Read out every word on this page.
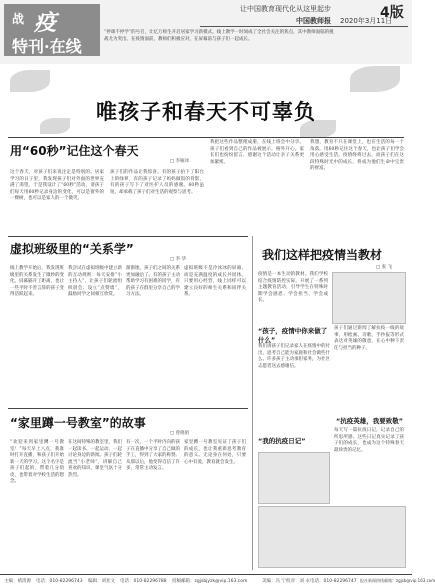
战 疫
特刊·在线
让中国教育现代化从这里起步
中国教师报 2020年3月11日
4版
“停课不停学”的号召，让亿万师生开启居家学习新模式。线上教学一时间成了全社会关注的焦点，其中教师面临的挑战尤为突出。在疫情面前，教师们积极应对，在屏幕前与孩子们一起成长。
唯孩子和春天不可辜负
用“60秒”记住这个春天
□ 李雁冰
这个春天，对孩子们来说注定是特别的。居家学习的日子里，我发现孩子们对外面的世界充满了渴望。于是我设计了“60秒”活动，请孩子们每天用60秒记录身边的变化，可以是窗外的一棵树，也可以是家人的一个微笑。
孩子们的作品让我惊喜。有的孩子拍下了阳台上的绿萝，有的孩子记录了妈妈做饭的背影，有的孩子写下了对医护人员的感谢。60秒虽短，却承载了孩子们对生活的观察与思考。
我把这些作品整理成册，在线上班会中分享。孩子们看到自己的作品被展示，格外开心。家长们也纷纷留言，感谢这个活动让亲子关系更加紧密。
我想，教育不只在课堂上，也在生活的每一个角落。用60秒记住这个春天，也让孩子们学会用心感受生活。疫情终将过去，而孩子们在这段特殊时光中的成长，将成为他们生命中宝贵的财富。
虚拟班级里的“关系学”
□ 李 华
线上教学开始后，我发现班级里的关系发生了微妙的变化。屏幕隔开了距离，也让一些平时不善言辞的孩子变得活跃起来。
我尝试在虚拟班级中建立新的互动规则：每天安排“小主持人”，让孩子们轮流组织晨会；设立“点赞墙”，鼓励同学之间相互欣赏。
渐渐地，孩子们之间的关系更加融洽了。有的孩子主动帮助学习有困难的同学，有的孩子在群里分享自己的学习方法。
虚拟班级不是冷冰冰的屏幕，而是充满温度的成长共同体。只要用心经营，线上同样可以建立良好的师生关系和同伴关系。
我们这样把疫情当教材
□ 张 飞
疫情是一本生动的教材。我们学校结合疫情防控实际，开展了一系列主题教育活动，引导学生在特殊时期学会感恩、学会担当、学会成长。
“孩子，疫情中你来做了什么”
我们请孩子们记录家人在疫情中的付出，思考自己能为家庭和社会做些什么。许多孩子主动承担家务，为社区志愿者送去感谢信。
孩子们通过新闻了解抗疫一线的故事，用绘画、诗歌、手抄报等形式表达对英雄的敬意，在心中种下责任与担当的种子。
“抗疫英雄，我要致敬”
每天写一篇抗疫日记，记录自己的所思所感。这些日记真实记录了孩子们的成长，也成为这个特殊春天最珍贵的记忆。
“我的抗疫日记”
“家里蹲一号教室”的故事
□ 曾晓娟
“欢迎来到家里蹲一号教室！”每天早上八点，我准时打开直播，和孩子们开始新一天的学习。这个名字是孩子们起的，带着几分俏皮，也带着对学校生活的想念。
在这间特殊的教室里，我们一起读书、一起运动、一起讨论身边的新闻。孩子们轮流当“小老师”，讲解自己喜欢的知识，课堂气氛十分热烈。
有一次，一个平时内向的孩子在直播中分享了自己做的手工，得到了大家的称赞。从那以后，他变得自信了许多，常常主动发言。
家里蹲一号教室见证了孩子们的成长，也让我重新思考教育的意义。无论身在何处，只要心中有爱，教育就会发生。
主编：褚清源 电话：010-82296743 编辑：刘亚文 电话：010-82296788 投稿邮箱：zgjsbjyzk@vip.163.com	美编：冯 宁 校对：刘 永 电话：010-82296747 报社新闻热线邮箱：zgjsb@vip.163.com
